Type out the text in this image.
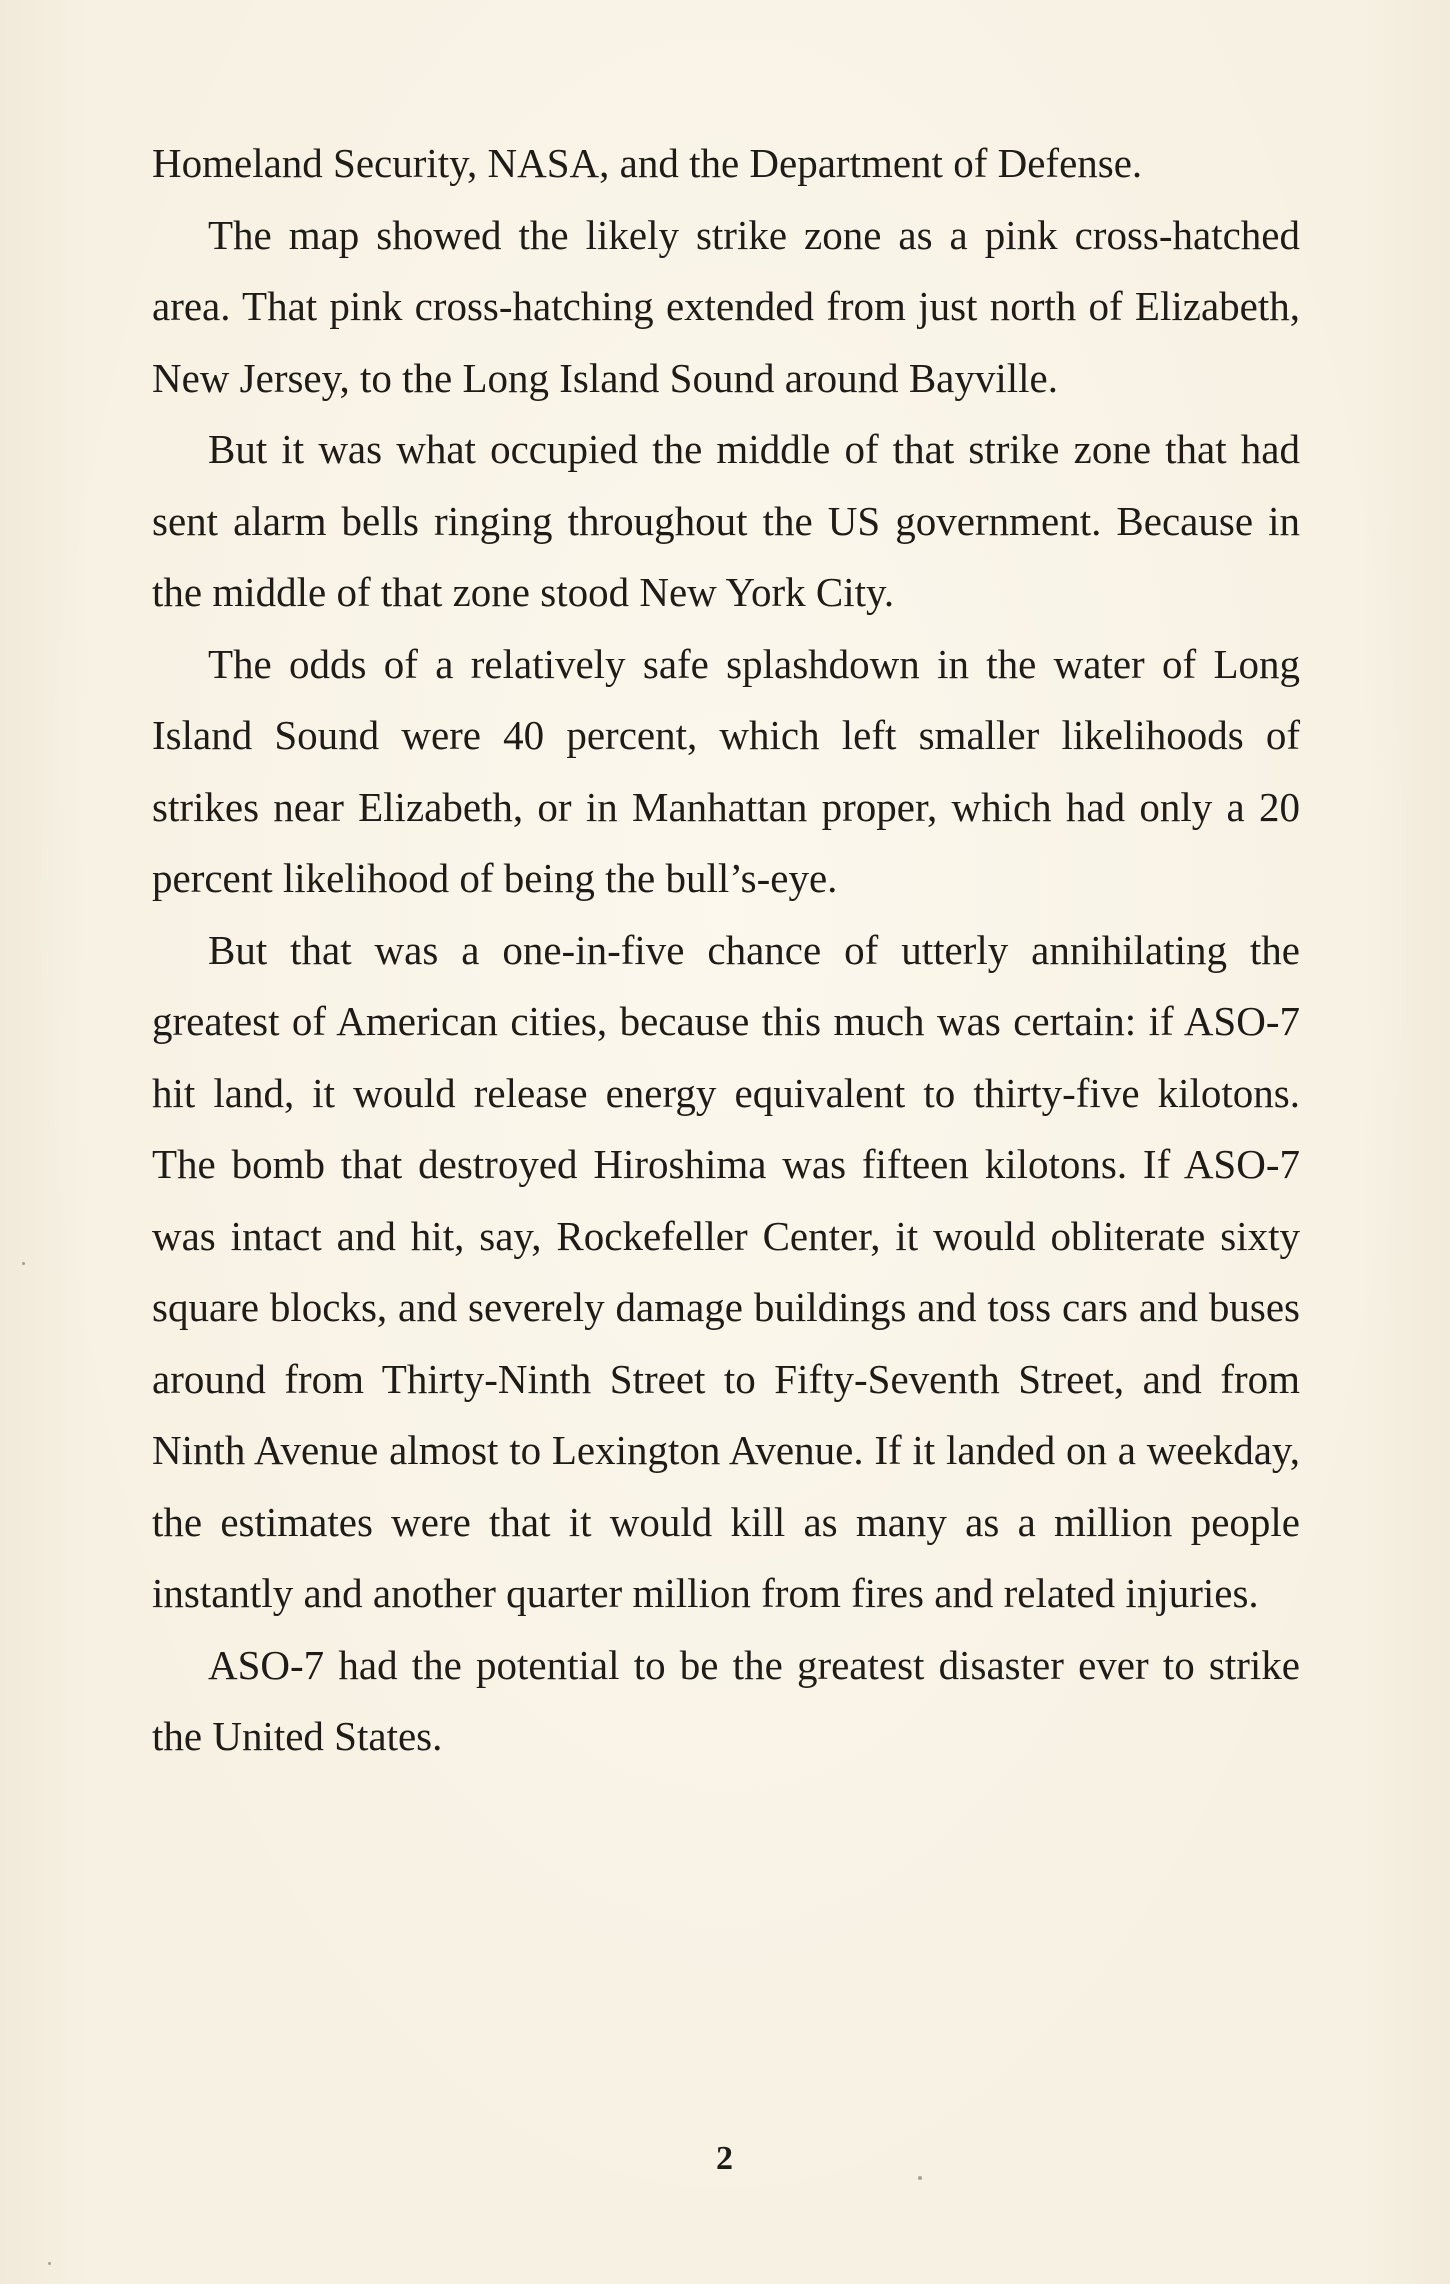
Homeland Security, NASA, and the Department of Defense.

The map showed the likely strike zone as a pink cross-hatched area. That pink cross-hatching extended from just north of Elizabeth, New Jersey, to the Long Island Sound around Bayville.

But it was what occupied the middle of that strike zone that had sent alarm bells ringing throughout the US government. Because in the middle of that zone stood New York City.

The odds of a relatively safe splashdown in the water of Long Island Sound were 40 percent, which left smaller likelihoods of strikes near Elizabeth, or in Manhattan proper, which had only a 20 percent likelihood of being the bull’s-eye.

But that was a one-in-five chance of utterly annihilating the greatest of American cities, because this much was certain: if ASO-7 hit land, it would release energy equivalent to thirty-five kilotons. The bomb that destroyed Hiroshima was fifteen kilotons. If ASO-7 was intact and hit, say, Rockefeller Center, it would obliterate sixty square blocks, and severely damage buildings and toss cars and buses around from Thirty-Ninth Street to Fifty-Seventh Street, and from Ninth Avenue almost to Lexington Avenue. If it landed on a weekday, the estimates were that it would kill as many as a million people instantly and another quarter million from fires and related injuries.

ASO-7 had the potential to be the greatest disaster ever to strike the United States.

2
